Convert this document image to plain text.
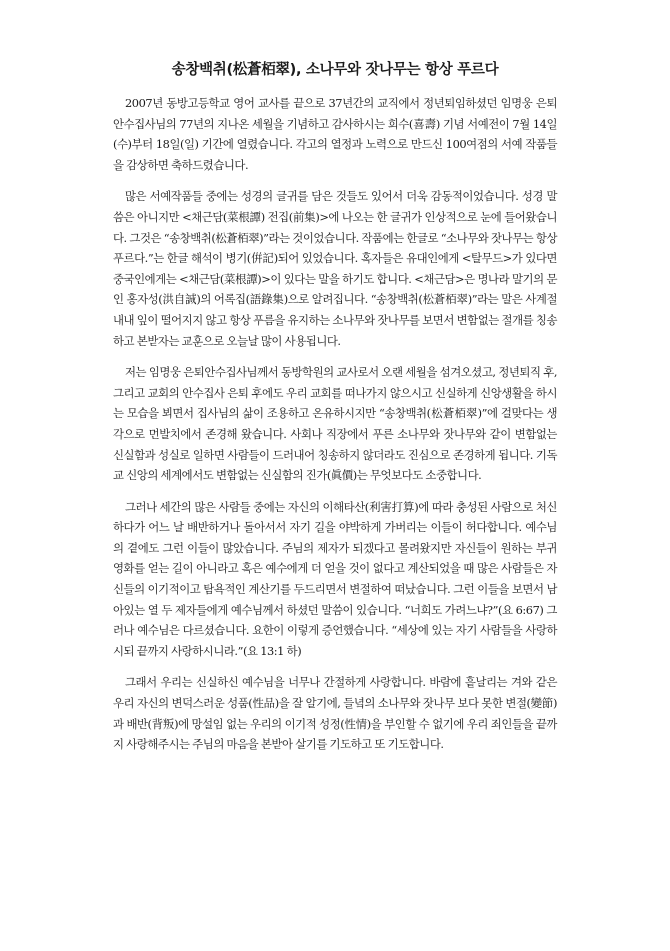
송창백취(松蒼栢翠), 소나무와 잣나무는 항상 푸르다

2007년 동방고등학교 영어 교사를 끝으로 37년간의 교직에서 정년퇴임하셨던 임명웅 은퇴안수집사님의 77년의 지나온 세월을 기념하고 감사하시는 희수(喜壽) 기념 서예전이 7월 14일(수)부터 18일(일) 기간에 열렸습니다. 각고의 열정과 노력으로 만드신 100여점의 서예 작품들을 감상하면 축하드렸습니다.

많은 서예작품들 중에는 성경의 글귀를 담은 것들도 있어서 더욱 감동적이었습니다. 성경 말씀은 아니지만 <채근담(菜根譚) 전집(前集)>에 나오는 한 글귀가 인상적으로 눈에 들어왔습니다. 그것은 “송창백취(松蒼栢翠)”라는 것이었습니다. 작품에는 한글로 “소나무와 잣나무는 항상 푸르다.”는 한글 해석이 병기(倂記)되어 있었습니다. 혹자들은 유대인에게 <탈무드>가 있다면 중국인에게는 <채근담(菜根譚)>이 있다는 말을 하기도 합니다. <채근담>은 명나라 말기의 문인 홍자성(洪自誠)의 어록집(語錄集)으로 알려집니다. “송창백취(松蒼栢翠)”라는 말은 사계절 내내 잎이 떨어지지 않고 항상 푸름을 유지하는 소나무와 잣나무를 보면서 변함없는 절개를 칭송하고 본받자는 교훈으로 오늘날 많이 사용됩니다.

저는 임명웅 은퇴안수집사님께서 동방학원의 교사로서 오랜 세월을 섬겨오셨고, 정년퇴직 후, 그리고 교회의 안수집사 은퇴 후에도 우리 교회를 떠나가지 않으시고 신실하게 신앙생활을 하시는 모습을 뵈면서 집사님의 삶이 조용하고 온유하시지만 “송창백취(松蒼栢翠)”에 걸맞다는 생각으로 먼발치에서 존경해 왔습니다. 사회나 직장에서 푸른 소나무와 잣나무와 같이 변함없는 신실함과 성실로 일하면 사람들이 드러내어 칭송하지 않더라도 진심으로 존경하게 됩니다. 기독교 신앙의 세계에서도 변함없는 신실함의 진가(眞價)는 무엇보다도 소중합니다.

그러나 세간의 많은 사람들 중에는 자신의 이해타산(利害打算)에 따라 충성된 사람으로 처신하다가 어느 날 배반하거나 돌아서서 자기 길을 야박하게 가버리는 이들이 허다합니다. 예수님의 곁에도 그런 이들이 많았습니다. 주님의 제자가 되겠다고 몰려왔지만 자신들이 원하는 부귀영화를 얻는 길이 아니라고 혹은 예수에게 더 얻을 것이 없다고 계산되었을 때 많은 사람들은 자신들의 이기적이고 탐욕적인 계산기를 두드리면서 변절하여 떠났습니다. 그런 이들을 보면서 남아있는 열 두 제자들에게 예수님께서 하셨던 말씀이 있습니다. “너희도 가려느냐?”(요 6:67) 그러나 예수님은 다르셨습니다. 요한이 이렇게 증언했습니다. “세상에 있는 자기 사람들을 사랑하시되 끝까지 사랑하시니라.”(요 13:1 하)

그래서 우리는 신실하신 예수님을 너무나 간절하게 사랑합니다. 바람에 흩날리는 겨와 같은 우리 자신의 변덕스러운 성품(性品)을 잘 알기에, 들녘의 소나무와 잣나무 보다 못한 변절(變節)과 배반(背叛)에 망설임 없는 우리의 이기적 성정(性情)을 부인할 수 없기에 우리 죄인들을 끝까지 사랑해주시는 주님의 마음을 본받아 살기를 기도하고 또 기도합니다.
